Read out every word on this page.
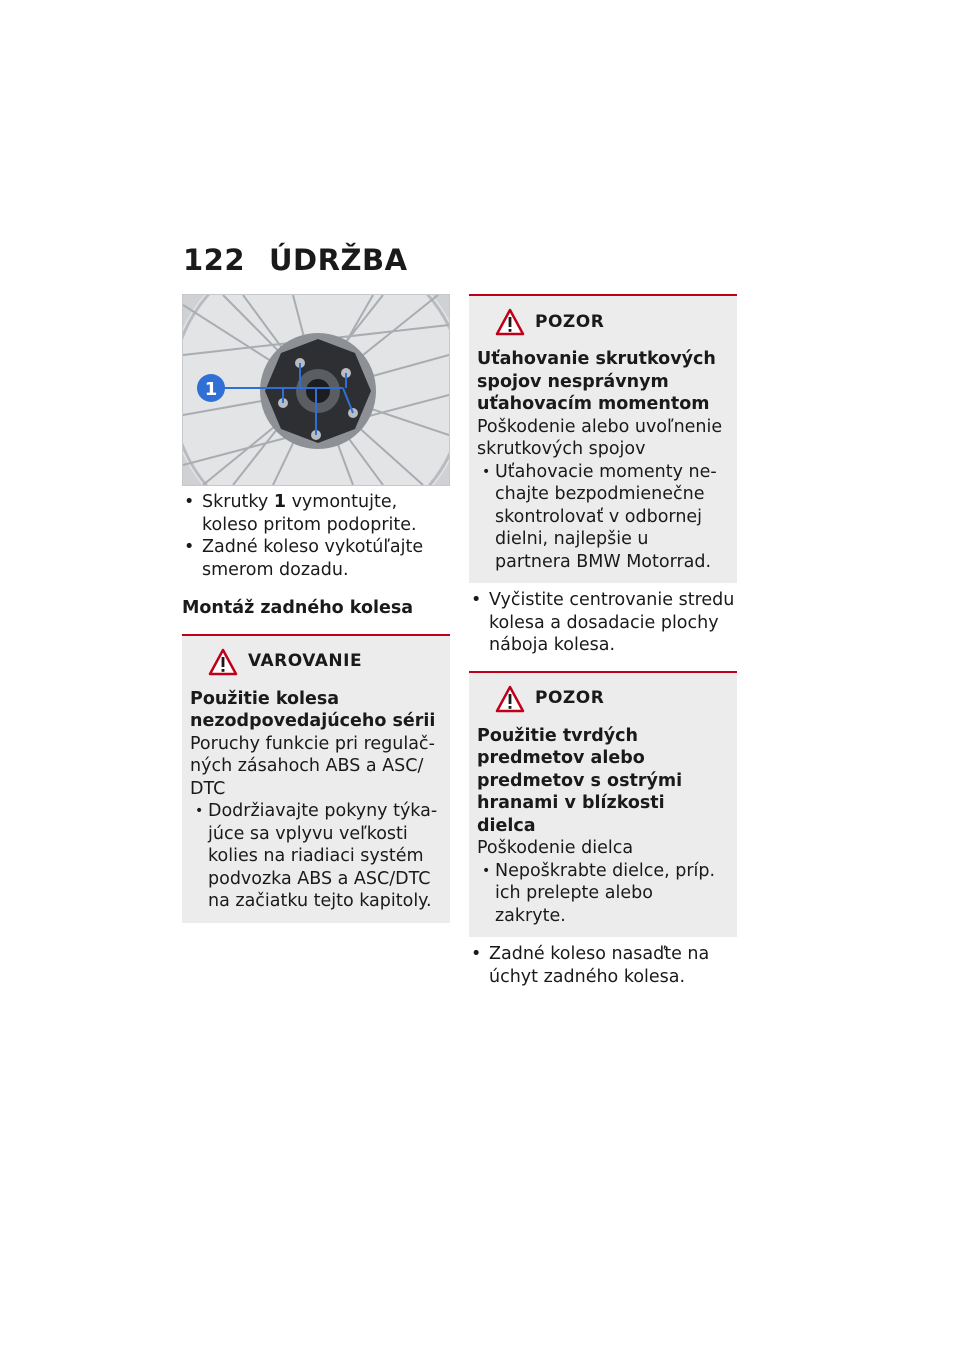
122 ÚDRŽBA
1
• Skrutky 1 vymontujte, koleso pritom podoprite.
• Zadné koleso vykotúľajte smerom dozadu.
Montáž zadného kolesa
VAROVANIE
Použitie kolesa nezodpovedajúceho sérii
Poruchy funkcie pri regulačných zásahoch ABS a ASC/ DTC
• Dodržiavajte pokyny týkajúce sa vplyvu veľkosti kolies na riadiaci systém podvozka ABS a ASC/DTC na začiatku tejto kapitoly.
POZOR
Uťahovanie skrutkových spojov nesprávnym uťahovacím momentom
Poškodenie alebo uvoľnenie skrutkových spojov
• Uťahovacie momenty nechajte bezpodmienečne skontrolovať v odbornej dielni, najlepšie u partnera BMW Motorrad.
• Vyčistite centrovanie stredu kolesa a dosadacie plochy náboja kolesa.
POZOR
Použitie tvrdých predmetov alebo predmetov s ostrými hranami v blízkosti dielca
Poškodenie dielca
• Nepoškrabte dielce, príp. ich prelepte alebo zakryte.
• Zadné koleso nasaďte na úchyt zadného kolesa.
